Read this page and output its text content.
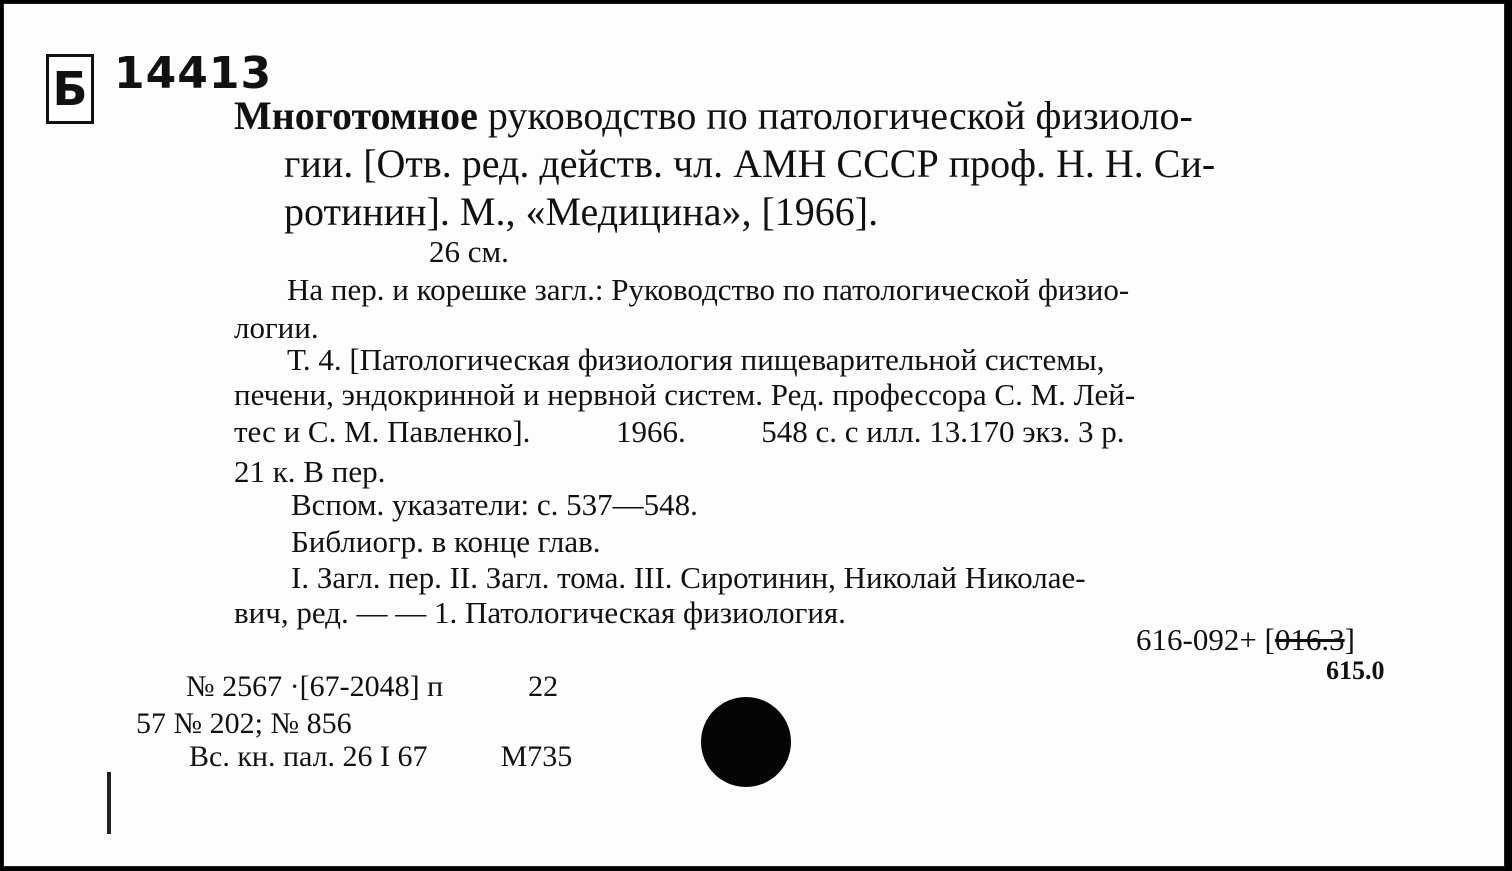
Б 14413
Многотомное руководство по патологической физиоло-
гии. [Отв. ред. действ. чл. АМН СССР проф. Н. Н. Си-
ротинин]. М., «Медицина», [1966].
26 см.
На пер. и корешке загл.: Руководство по патологической физио-
логии.
Т. 4. [Патологическая физиология пищеварительной системы,
печени, эндокринной и нервной систем. Ред. профессора С. М. Лей-
тес и С. М. Павленко].	1966. 548 с. с илл. 13.170 экз. 3 р.
21 к. В пер.
Вспом. указатели: с. 537—548.
Библиогр. в конце глав.
I. Загл. пер. II. Загл. тома. III. Сиротинин, Николай Николае-
вич, ред. — — 1. Патологическая физиология.
616-092+ [016.3]
615.0
№ 2567 ·[67-2048] п	22
57 № 202; № 856
Вс. кн. пал. 26 I 67 М735
